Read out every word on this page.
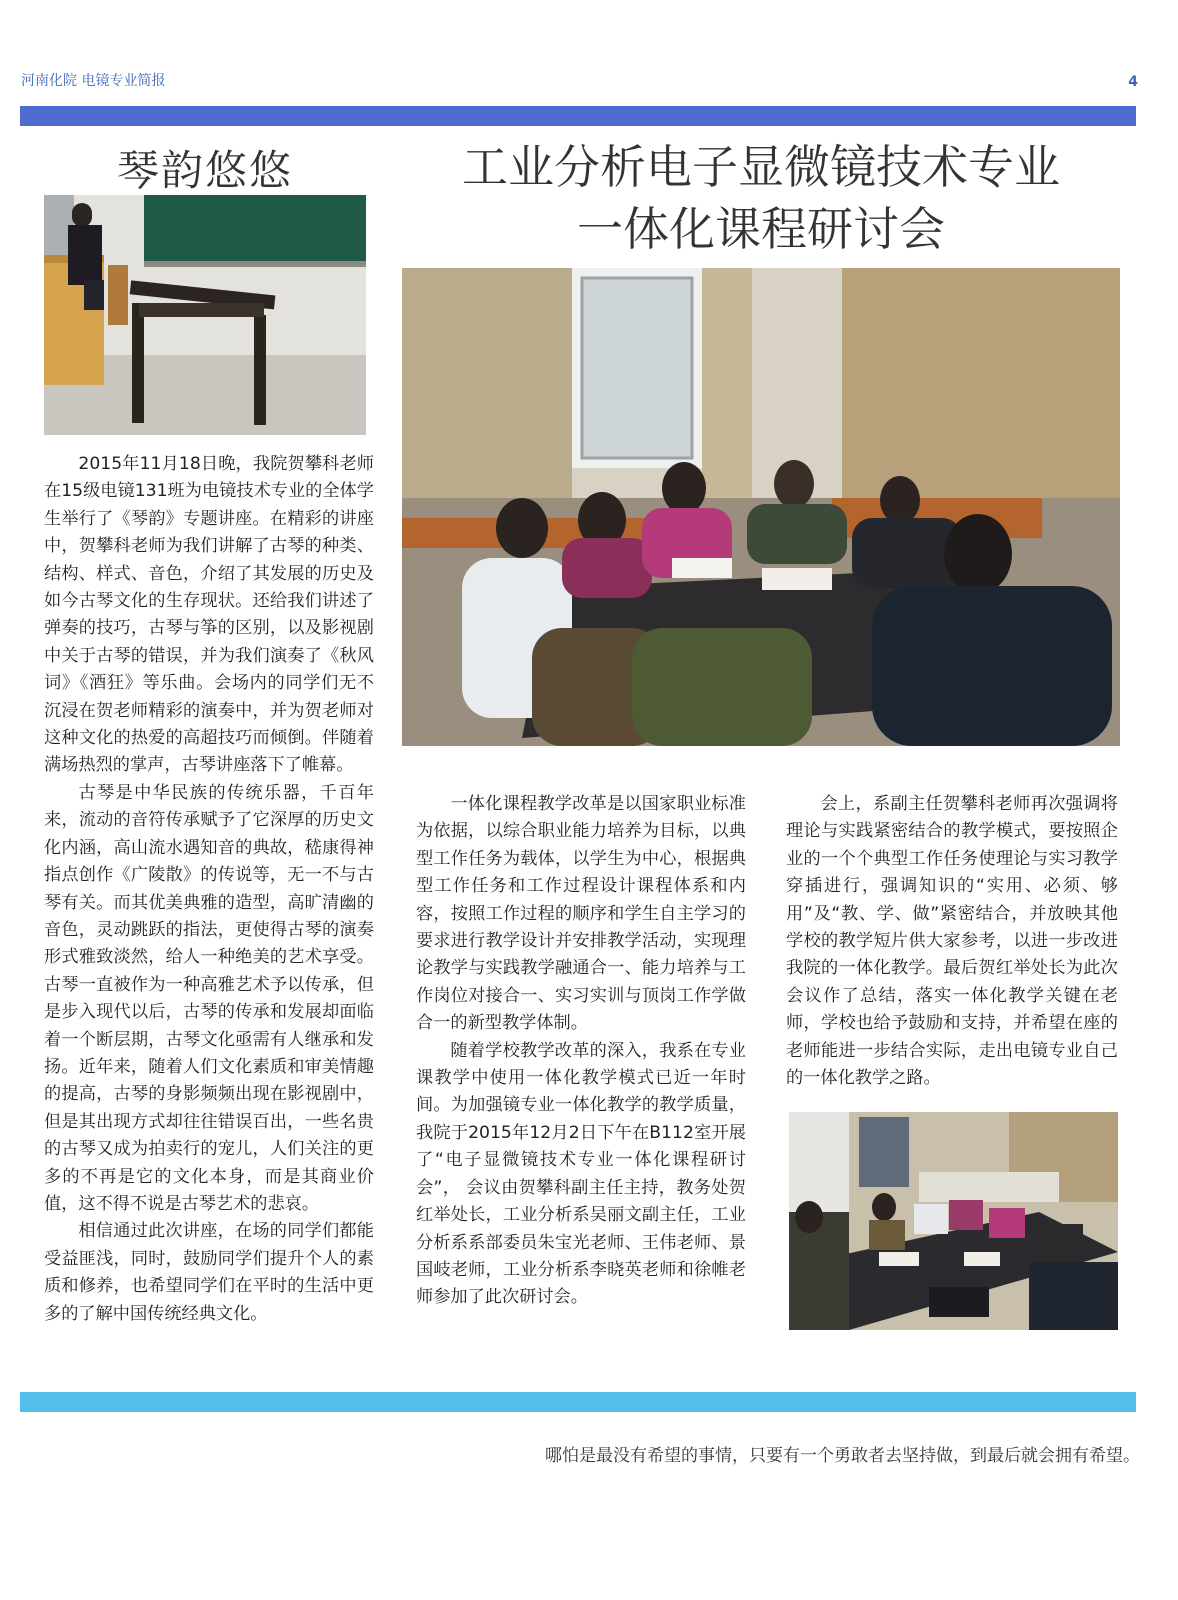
河南化院 电镜专业简报	4
琴韵悠悠

2015年11月18日晚，我院贺攀科老师在15级电镜131班为电镜技术专业的全体学生举行了《琴韵》专题讲座。在精彩的讲座中，贺攀科老师为我们讲解了古琴的种类、结构、样式、音色，介绍了其发展的历史及如今古琴文化的生存现状。还给我们讲述了弹奏的技巧，古琴与筝的区别，以及影视剧中关于古琴的错误，并为我们演奏了《秋风词》《酒狂》等乐曲。会场内的同学们无不沉浸在贺老师精彩的演奏中，并为贺老师对这种文化的热爱的高超技巧而倾倒。伴随着满场热烈的掌声，古琴讲座落下了帷幕。

古琴是中华民族的传统乐器，千百年来，流动的音符传承赋予了它深厚的历史文化内涵，高山流水遇知音的典故，嵇康得神指点创作《广陵散》的传说等，无一不与古琴有关。而其优美典雅的造型，高旷清幽的音色，灵动跳跃的指法，更使得古琴的演奏形式雅致淡然，给人一种绝美的艺术享受。古琴一直被作为一种高雅艺术予以传承，但是步入现代以后，古琴的传承和发展却面临着一个断层期，古琴文化亟需有人继承和发扬。近年来，随着人们文化素质和审美情趣的提高，古琴的身影频频出现在影视剧中，但是其出现方式却往往错误百出，一些名贵的古琴又成为拍卖行的宠儿，人们关注的更多的不再是它的文化本身，而是其商业价值，这不得不说是古琴艺术的悲哀。

相信通过此次讲座，在场的同学们都能受益匪浅，同时，鼓励同学们提升个人的素质和修养，也希望同学们在平时的生活中更多的了解中国传统经典文化。

工业分析电子显微镜技术专业
一体化课程研讨会

一体化课程教学改革是以国家职业标准为依据，以综合职业能力培养为目标，以典型工作任务为载体，以学生为中心，根据典型工作任务和工作过程设计课程体系和内容，按照工作过程的顺序和学生自主学习的要求进行教学设计并安排教学活动，实现理论教学与实践教学融通合一、能力培养与工作岗位对接合一、实习实训与顶岗工作学做合一的新型教学体制。

随着学校教学改革的深入，我系在专业课教学中使用一体化教学模式已近一年时间。为加强镜专业一体化教学的教学质量，我院于2015年12月2日下午在B112室开展了“电子显微镜技术专业一体化课程研讨会”， 会议由贺攀科副主任主持，教务处贺红举处长，工业分析系吴丽文副主任，工业分析系系部委员朱宝光老师、王伟老师、景国岐老师，工业分析系李晓英老师和徐帷老师参加了此次研讨会。

会上，系副主任贺攀科老师再次强调将理论与实践紧密结合的教学模式，要按照企业的一个个典型工作任务使理论与实习教学穿插进行，强调知识的“实用、必须、够用”及“教、学、做”紧密结合，并放映其他学校的教学短片供大家参考，以进一步改进我院的一体化教学。最后贺红举处长为此次会议作了总结，落实一体化教学关键在老师，学校也给予鼓励和支持，并希望在座的老师能进一步结合实际，走出电镜专业自己的一体化教学之路。

哪怕是最没有希望的事情，只要有一个勇敢者去坚持做，到最后就会拥有希望。
